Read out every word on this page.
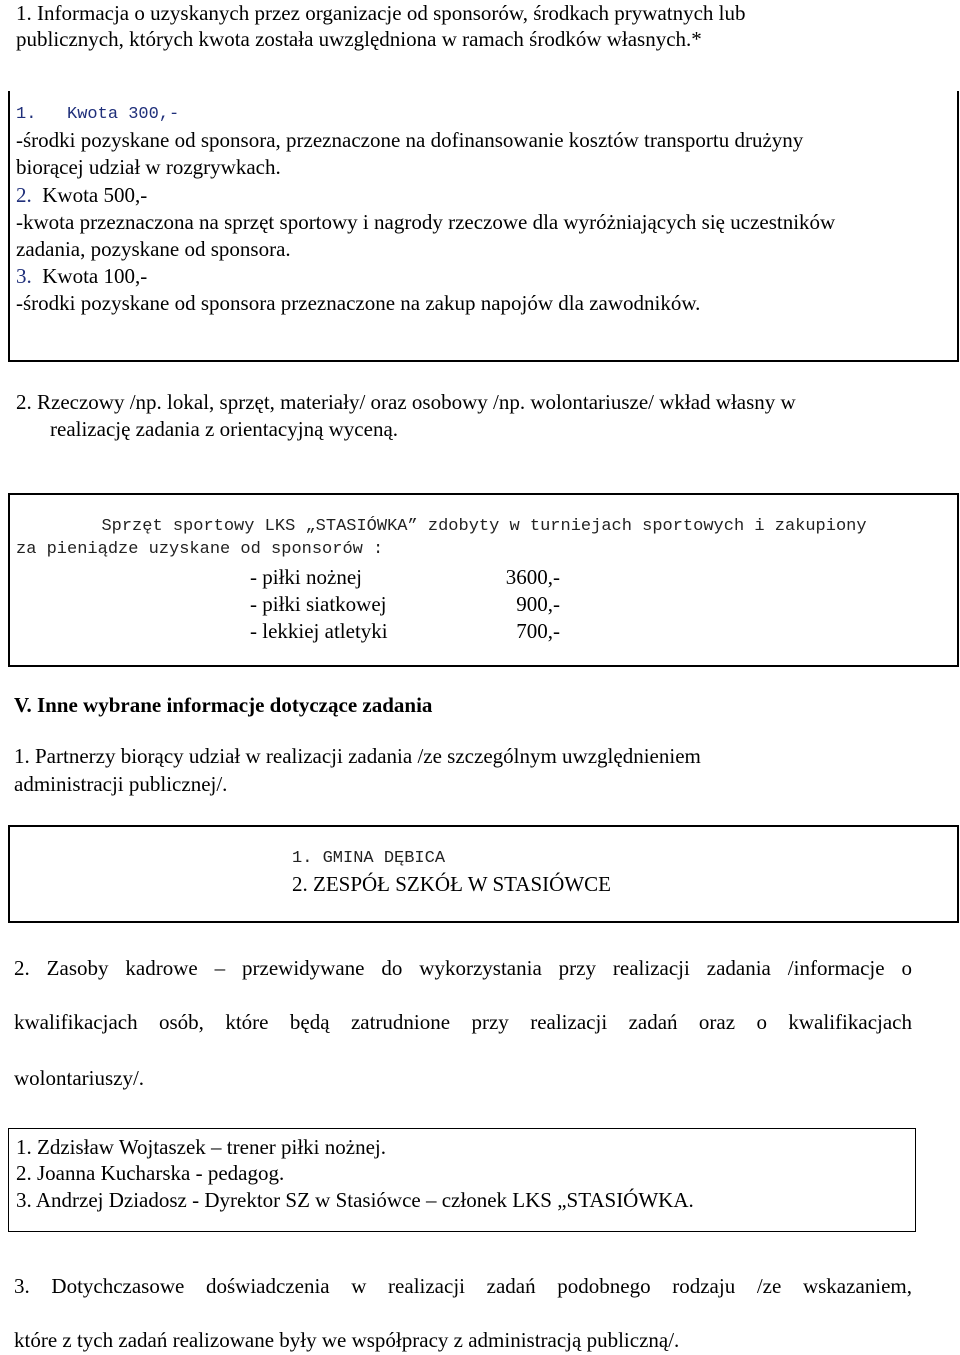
1. Informacja o uzyskanych przez organizacje od sponsorów, środkach prywatnych lub
publicznych, których kwota została uwzględniona w ramach środków własnych.*
1. Kwota 300,-
-środki pozyskane od sponsora, przeznaczone na dofinansowanie kosztów transportu drużyny
biorącej udział w rozgrywkach.
2. Kwota 500,-
-kwota przeznaczona na sprzęt sportowy i nagrody rzeczowe dla wyróżniających się uczestników
zadania, pozyskane od sponsora.
3. Kwota 100,-
-środki pozyskane od sponsora przeznaczone na zakup napojów dla zawodników.
2. Rzeczowy /np. lokal, sprzęt, materiały/ oraz osobowy /np. wolontariusze/ wkład własny w
realizację zadania z orientacyjną wyceną.
Sprzęt sportowy LKS „STASIÓWKA” zdobyty w turniejach sportowych i zakupiony
za pieniądze uzyskane od sponsorów :
- piłki nożnej	3600,-
- piłki siatkowej	900,-
- lekkiej atletyki	700,-
V. Inne wybrane informacje dotyczące zadania
1. Partnerzy biorący udział w realizacji zadania /ze szczególnym uwzględnieniem
administracji publicznej/.
1. GMINA DĘBICA
2. ZESPÓŁ SZKÓŁ W STASIÓWCE
2. Zasoby kadrowe – przewidywane do wykorzystania przy realizacji zadania /informacje o
kwalifikacjach osób, które będą zatrudnione przy realizacji zadań oraz o kwalifikacjach
wolontariuszy/.
1. Zdzisław Wojtaszek – trener piłki nożnej.
2. Joanna Kucharska - pedagog.
3. Andrzej Dziadosz - Dyrektor SZ w Stasiówce – członek LKS „STASIÓWKA.
3. Dotychczasowe doświadczenia w realizacji zadań podobnego rodzaju /ze wskazaniem,
które z tych zadań realizowane były we współpracy z administracją publiczną/.
